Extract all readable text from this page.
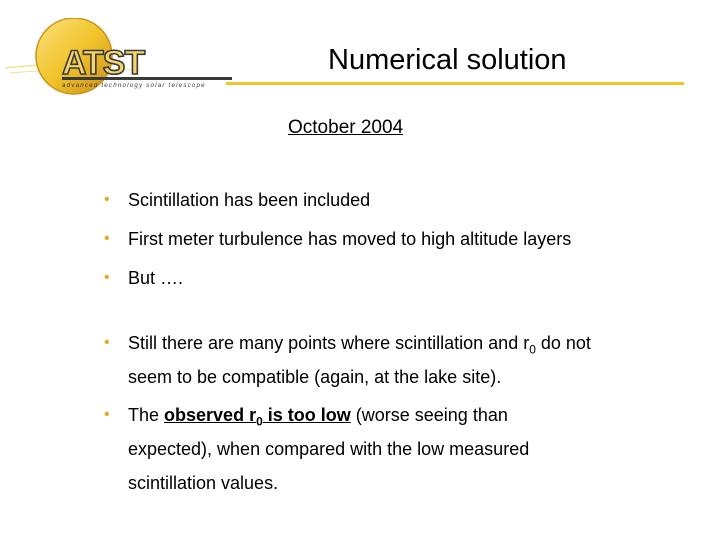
ATST
advanced technology solar telescope
Numerical solution
October 2004
•	Scintillation has been included
•	First meter turbulence has moved to high altitude layers
•	But ….
•	Still there are many points where scintillation and $r_0$ do not seem to be compatible (again, at the lake site).
•	The observed $r_0$ is too low (worse seeing than expected), when compared with the low measured scintillation values.
